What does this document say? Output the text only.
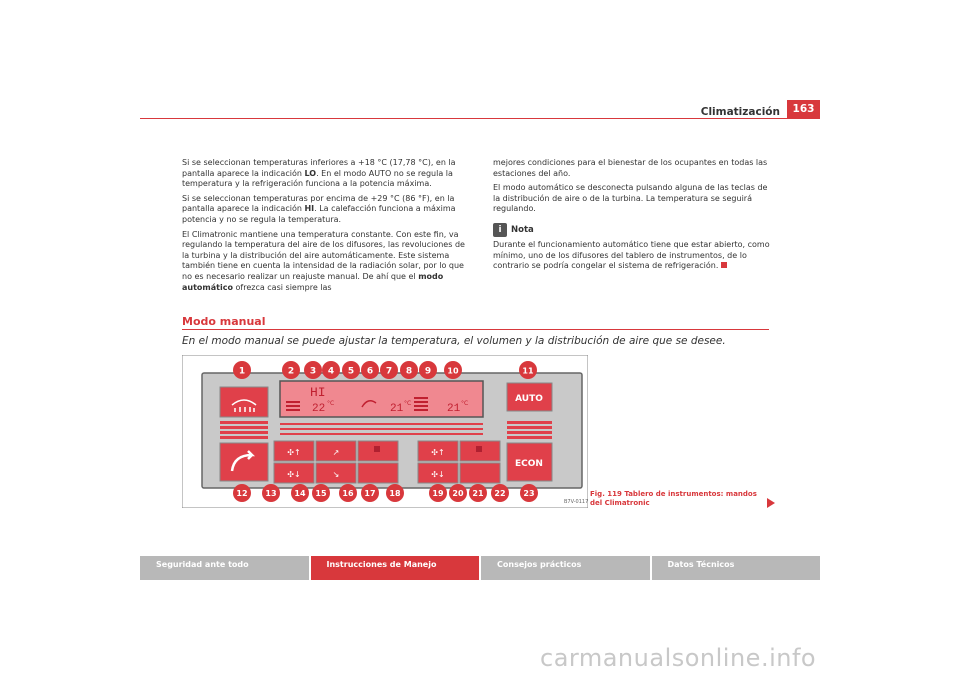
Climatización	163

Si se seleccionan temperaturas inferiores a +18 °C (17,78 °C), en la pantalla aparece la indicación LO. En el modo AUTO no se regula la temperatura y la refrigeración funciona a la potencia máxima.

Si se seleccionan temperaturas por encima de +29 °C (86 °F), en la pantalla aparece la indicación HI. La calefacción funciona a máxima potencia y no se regula la temperatura.

El Climatronic mantiene una temperatura constante. Con este fin, va regulando la temperatura del aire de los difusores, las revoluciones de la turbina y la distribución del aire automáticamente. Este sistema también tiene en cuenta la intensidad de la radiación solar, por lo que no es necesario realizar un reajuste manual. De ahí que el modo automático ofrezca casi siempre las

mejores condiciones para el bienestar de los ocupantes en todas las estaciones del año.

El modo automático se desconecta pulsando alguna de las teclas de la distribución de aire o de la turbina. La temperatura se seguirá regulando.

i	Nota

Durante el funcionamiento automático tiene que estar abierto, como mínimo, uno de los difusores del tablero de instrumentos, de lo contrario se podría congelar el sistema de refrigeración.

Modo manual
En el modo manual se puede ajustar la temperatura, el volumen y la distribución de aire que se desee.
HI
22 °C	21 °C	21 °C	AUTO
ECON
✣↑	↗
✣↓	↘
✣↑
✣↓
1	2 3 4 5 6 7 8 9 10	11
12 13 14 15 16 17 18	19 20 21 22 23
B7V-0117
Fig. 119 Tablero de instrumentos: mandos del Climatronic
Seguridad ante todo	Instrucciones de Manejo	Consejos prácticos	Datos Técnicos
carmanualsonline.info
